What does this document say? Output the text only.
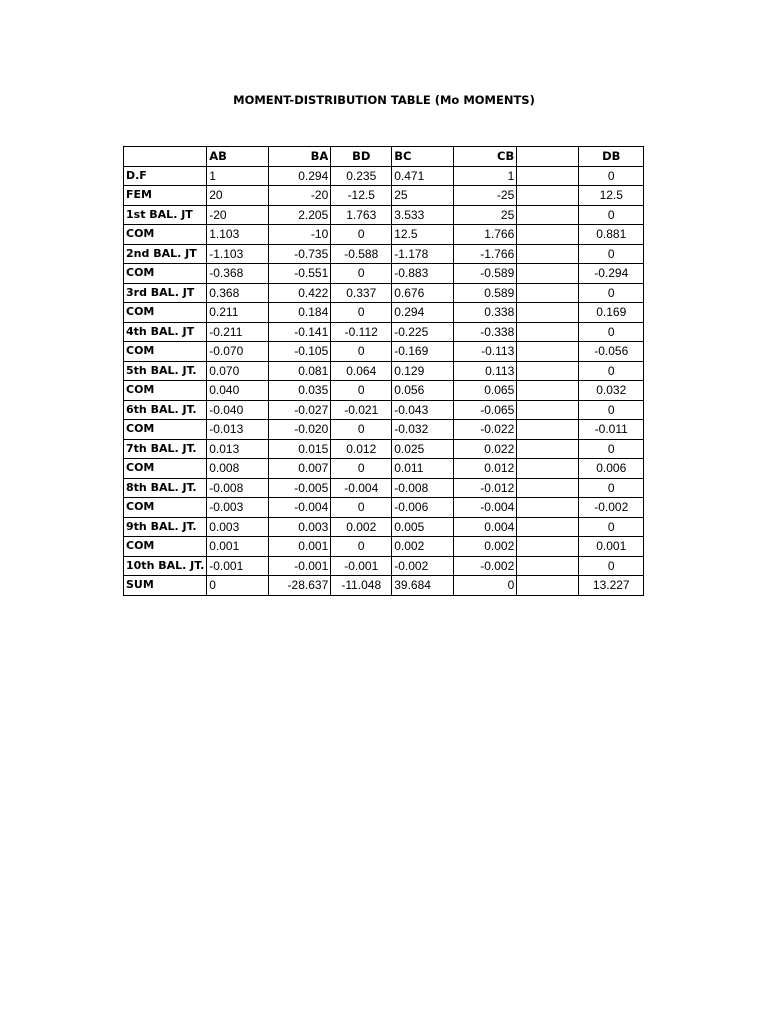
MOMENT-DISTRIBUTION TABLE (Mo MOMENTS)
	AB	BA	BD	BC	CB		DB
D.F	1	0.294	0.235	0.471	1		0
FEM	20	-20	-12.5	25	-25		12.5
1st BAL. JT	-20	2.205	1.763	3.533	25		0
COM	1.103	-10	0	12.5	1.766		0.881
2nd BAL. JT	-1.103	-0.735	-0.588	-1.178	-1.766		0
COM	-0.368	-0.551	0	-0.883	-0.589		-0.294
3rd BAL. JT	0.368	0.422	0.337	0.676	0.589		0
COM	0.211	0.184	0	0.294	0.338		0.169
4th BAL. JT	-0.211	-0.141	-0.112	-0.225	-0.338		0
COM	-0.070	-0.105	0	-0.169	-0.113		-0.056
5th BAL. JT.	0.070	0.081	0.064	0.129	0.113		0
COM	0.040	0.035	0	0.056	0.065		0.032
6th BAL. JT.	-0.040	-0.027	-0.021	-0.043	-0.065		0
COM	-0.013	-0.020	0	-0.032	-0.022		-0.011
7th BAL. JT.	0.013	0.015	0.012	0.025	0.022		0
COM	0.008	0.007	0	0.011	0.012		0.006
8th BAL. JT.	-0.008	-0.005	-0.004	-0.008	-0.012		0
COM	-0.003	-0.004	0	-0.006	-0.004		-0.002
9th BAL. JT.	0.003	0.003	0.002	0.005	0.004		0
COM	0.001	0.001	0	0.002	0.002		0.001
10th BAL. JT.	-0.001	-0.001	-0.001	-0.002	-0.002		0
SUM	0	-28.637	-11.048	39.684	0		13.227
